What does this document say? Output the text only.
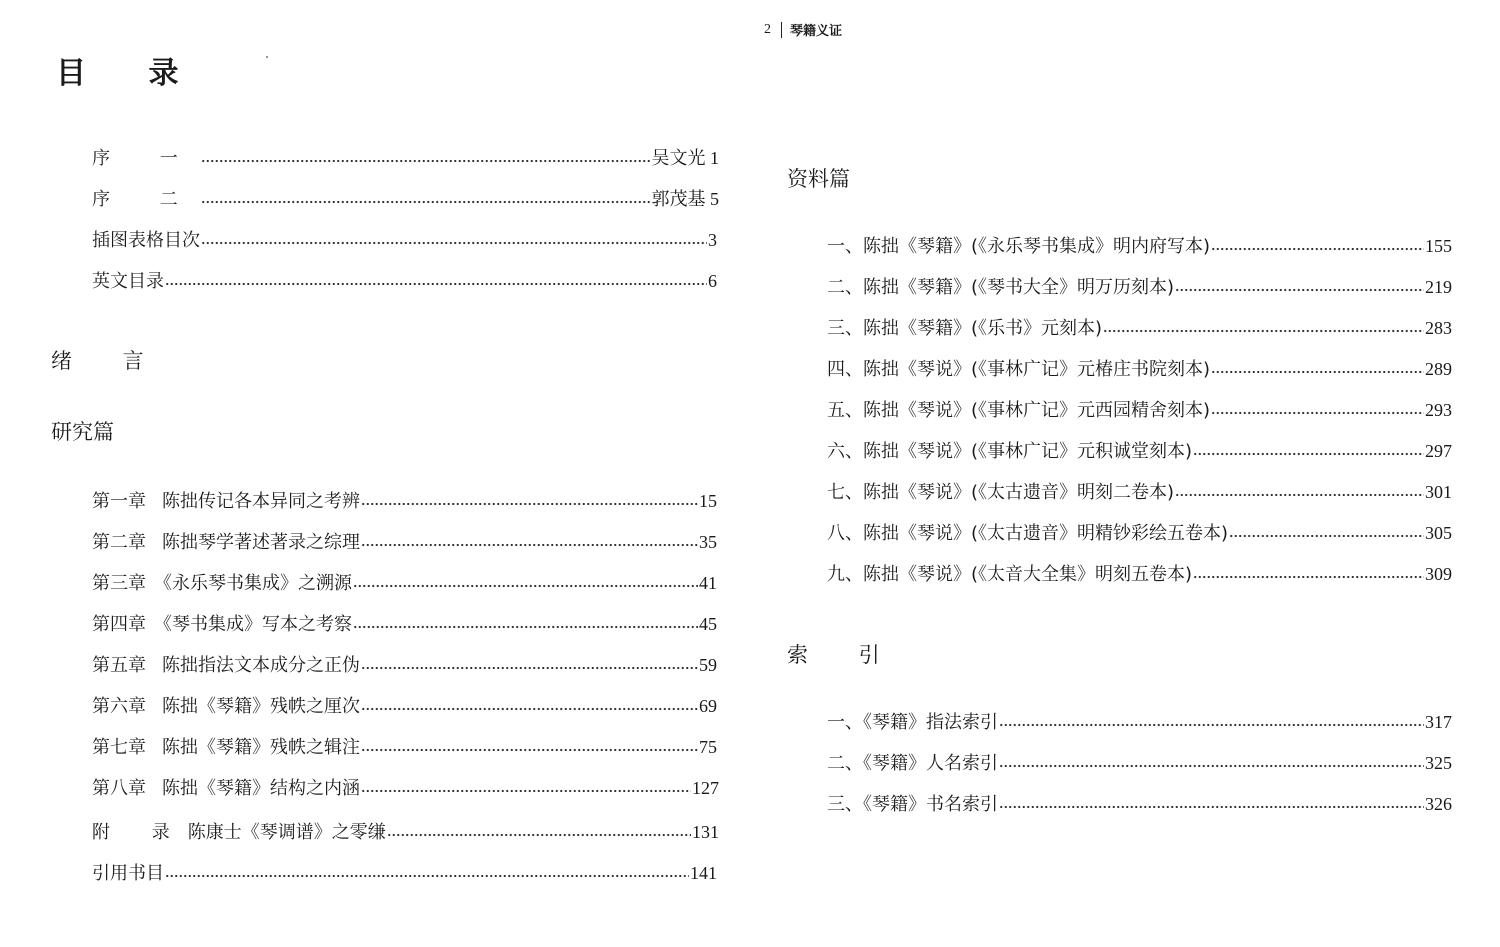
目 录
序 一	吴文光 1
序 二	郭茂基 5
插图表格目次	3
英文目录	6
绪 言
研究篇
第一章 陈拙传记各本异同之考辨	15
第二章 陈拙琴学著述著录之综理	35
第三章 《永乐琴书集成》之溯源	41
第四章 《琴书集成》写本之考察	45
第五章 陈拙指法文本成分之正伪	59
第六章 陈拙《琴籍》残帙之厘次	69
第七章 陈拙《琴籍》残帙之辑注	75
第八章 陈拙《琴籍》结构之内涵	127
附 录 陈康士《琴调谱》之零缣	131
引用书目	141
2 琴籍义证
资料篇
一、陈拙《琴籍》(《永乐琴书集成》明内府写本)	155
二、陈拙《琴籍》(《琴书大全》明万历刻本)	219
三、陈拙《琴籍》(《乐书》元刻本)	283
四、陈拙《琴说》(《事林广记》元椿庄书院刻本)	289
五、陈拙《琴说》(《事林广记》元西园精舍刻本)	293
六、陈拙《琴说》(《事林广记》元积诚堂刻本)	297
七、陈拙《琴说》(《太古遗音》明刻二卷本)	301
八、陈拙《琴说》(《太古遗音》明精钞彩绘五卷本)	305
九、陈拙《琴说》(《太音大全集》明刻五卷本)	309
索 引
一、《琴籍》指法索引	317
二、《琴籍》人名索引	325
三、《琴籍》书名索引	326
